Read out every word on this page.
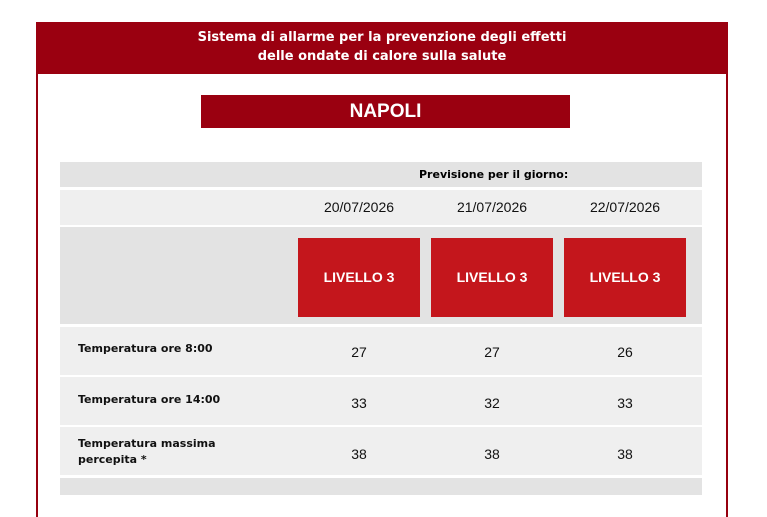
Sistema di allarme per la prevenzione degli effetti
delle ondate di calore sulla salute
NAPOLI
Previsione per il giorno:
20/07/2026	21/07/2026	22/07/2026
LIVELLO 3	LIVELLO 3	LIVELLO 3
Temperatura ore 8:00	27	27	26
Temperatura ore 14:00	33	32	33
Temperatura massima
percepita *	38	38	38
